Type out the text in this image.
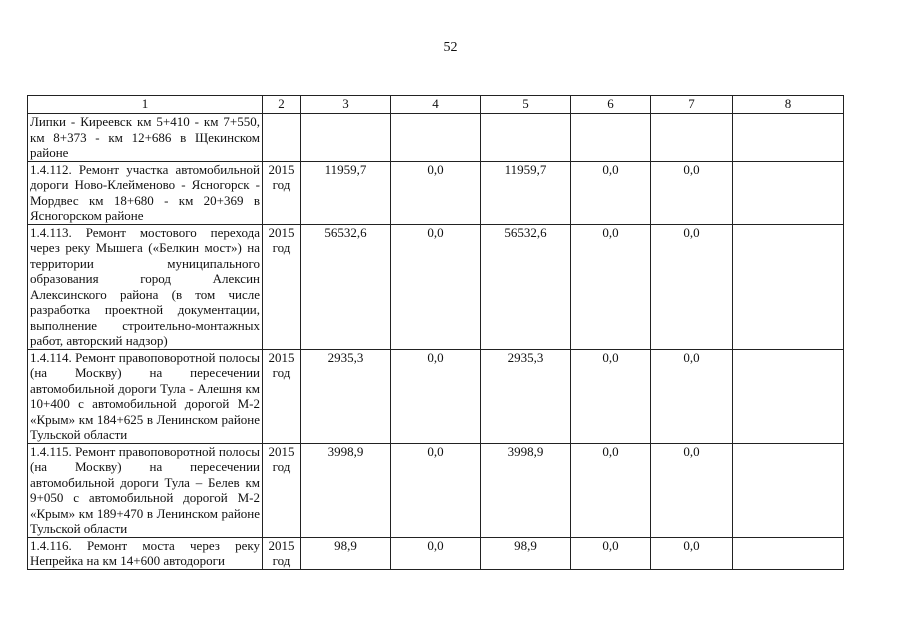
52
1	2	3	4	5	6	7	8
Липки - Киреевск км 5+410 - км 7+550, км 8+373 - км 12+686 в Щекинском районе							
1.4.112. Ремонт участка автомобильной дороги Ново-Клейменово - Ясногорск - Мордвес км 18+680 - км 20+369 в Ясногорском районе	2015 год	11959,7	0,0	11959,7	0,0	0,0	
1.4.113. Ремонт мостового перехода через реку Мышега («Белкин мост») на территории муниципального образования город Алексин Алексинского района (в том числе разработка проектной документации, выполнение строительно-монтажных работ, авторский надзор)	2015 год	56532,6	0,0	56532,6	0,0	0,0	
1.4.114. Ремонт правоповоротной полосы (на Москву) на пересечении автомобильной дороги Тула - Алешня км 10+400 с автомобильной дорогой М-2 «Крым» км 184+625 в Ленинском районе Тульской области	2015 год	2935,3	0,0	2935,3	0,0	0,0	
1.4.115. Ремонт правоповоротной полосы (на Москву) на пересечении автомобильной дороги Тула – Белев км 9+050 с автомобильной дорогой М-2 «Крым» км 189+470 в Ленинском районе Тульской области	2015 год	3998,9	0,0	3998,9	0,0	0,0	
1.4.116. Ремонт моста через реку Непрейка на км 14+600 автодороги	2015 год	98,9	0,0	98,9	0,0	0,0	
